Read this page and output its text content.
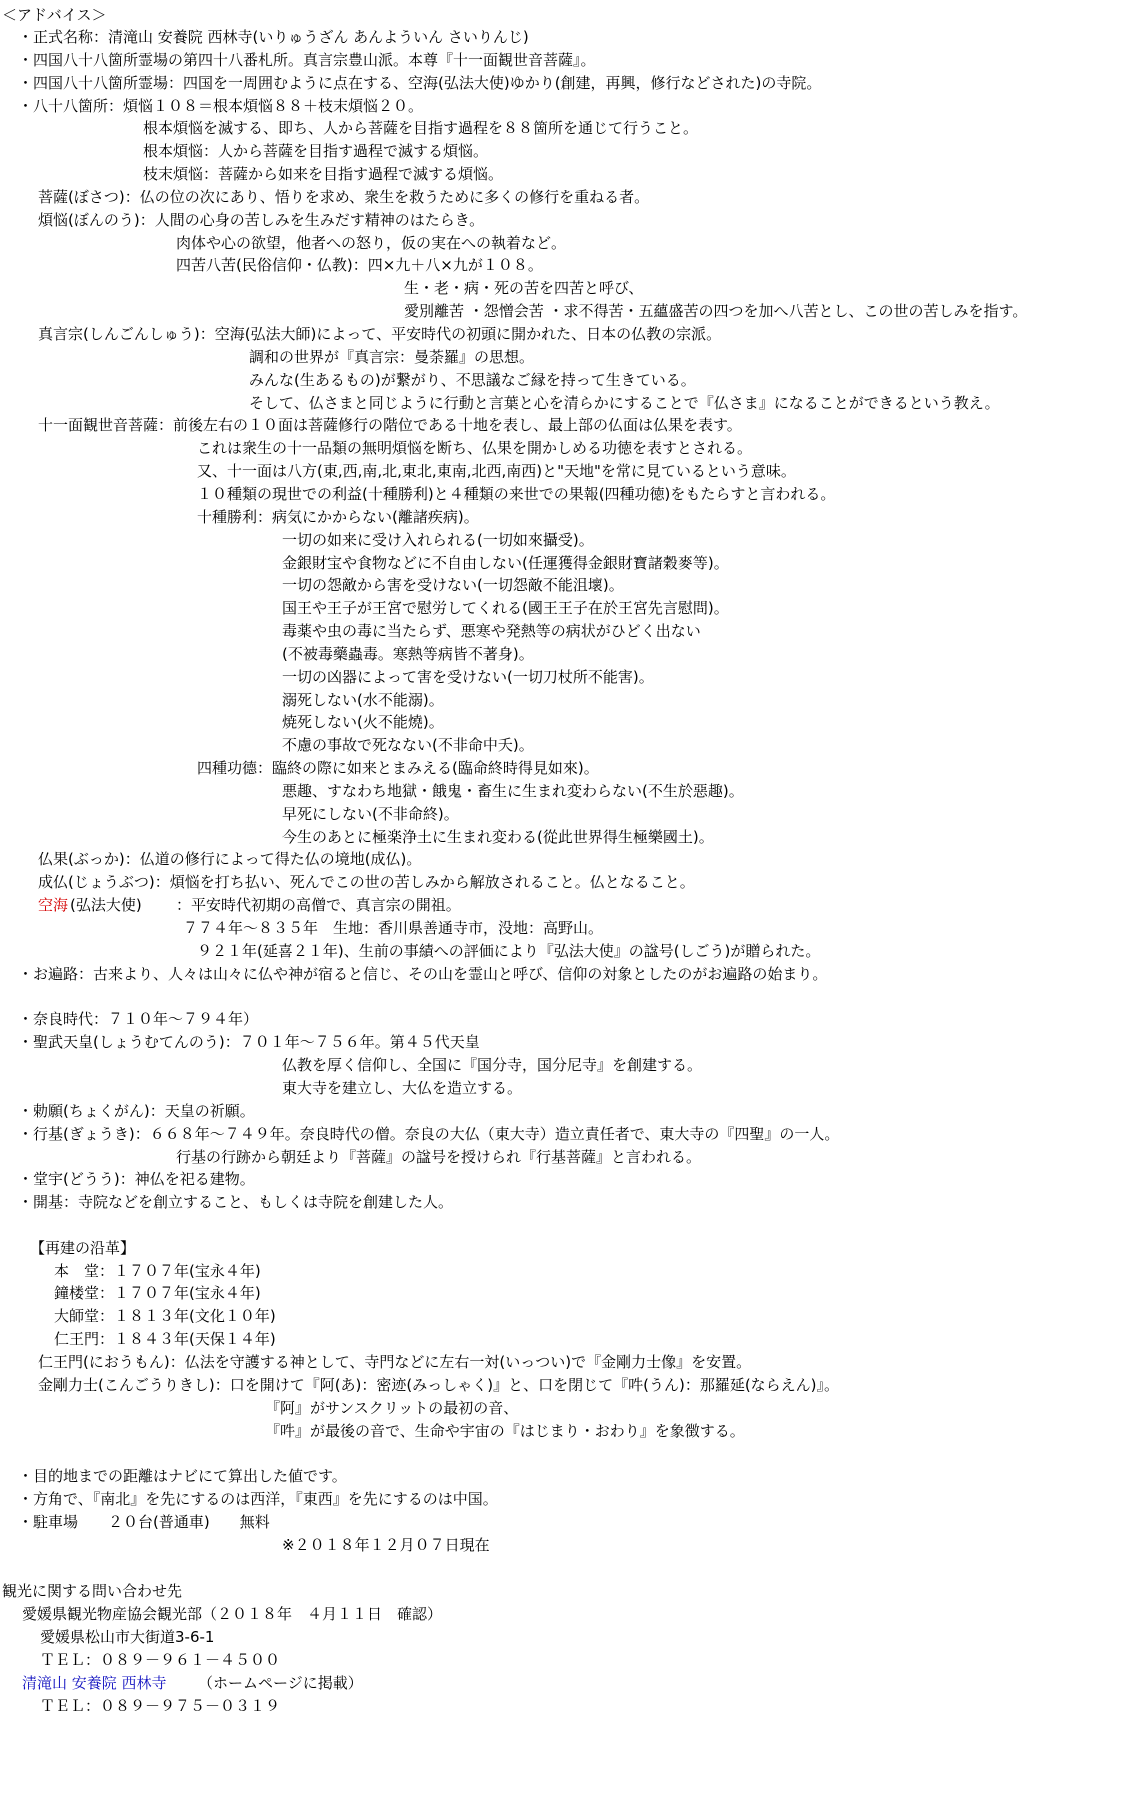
空海 (弘法大使)
清滝山 安養院 西林寺
＜アドバイス＞
・正式名称：清滝山 安養院 西林寺(いりゅうざん あんよういん さいりんじ)
・四国八十八箇所霊場の第四十八番札所。真言宗豊山派。本尊『十一面観世音菩薩』。
・四国八十八箇所霊場：四国を一周囲むように点在する、空海(弘法大使)ゆかり(創建，再興，修行などされた)の寺院。
・八十八箇所：煩悩１０８＝根本煩悩８８＋枝末煩悩２０。
根本煩悩を滅する、即ち、人から菩薩を目指す過程を８８箇所を通じて行うこと。
根本煩悩：人から菩薩を目指す過程で滅する煩悩。
枝末煩悩：菩薩から如来を目指す過程で滅する煩悩。
菩薩(ぼさつ)：仏の位の次にあり、悟りを求め、衆生を救うために多くの修行を重ねる者。
煩悩(ぼんのう)：人間の心身の苦しみを生みだす精神のはたらき。
肉体や心の欲望，他者への怒り，仮の実在への執着など。
四苦八苦(民俗信仰・仏教)：四×九＋八×九が１０８。
生・老・病・死の苦を四苦と呼び、
愛別離苦 ・怨憎会苦 ・求不得苦・五蘊盛苦の四つを加へ八苦とし、この世の苦しみを指す。
真言宗(しんごんしゅう)：空海(弘法大師)によって、平安時代の初頭に開かれた、日本の仏教の宗派。
調和の世界が『真言宗：曼荼羅』の思想。
みんな(生あるもの)が繋がり、不思議なご縁を持って生きている。
そして、仏さまと同じように行動と言葉と心を清らかにすることで『仏さま』になることができるという教え。
十一面観世音菩薩：前後左右の１０面は菩薩修行の階位である十地を表し、最上部の仏面は仏果を表す。
これは衆生の十一品類の無明煩悩を断ち、仏果を開かしめる功徳を表すとされる。
又、十一面は八方(東,西,南,北,東北,東南,北西,南西)と"天地"を常に見ているという意味。
１０種類の現世での利益(十種勝利)と４種類の来世での果報(四種功徳)をもたらすと言われる。
十種勝利：病気にかからない(離諸疾病)。
一切の如来に受け入れられる(一切如來攝受)。
金銀財宝や食物などに不自由しない(任運獲得金銀財寶諸穀麥等)。
一切の怨敵から害を受けない(一切怨敵不能沮壞)。
国王や王子が王宮で慰労してくれる(國王王子在於王宮先言慰問)。
毒薬や虫の毒に当たらず、悪寒や発熱等の病状がひどく出ない
(不被毒藥蟲毒。寒熱等病皆不著身)。
一切の凶器によって害を受けない(一切刀杖所不能害)。
溺死しない(水不能溺)。
焼死しない(火不能燒)。
不慮の事故で死なない(不非命中夭)。
四種功德：臨終の際に如来とまみえる(臨命終時得見如來)。
悪趣、すなわち地獄・餓鬼・畜生に生まれ変わらない(不生於惡趣)。
早死にしない(不非命終)。
今生のあとに極楽浄土に生まれ変わる(從此世界得生極樂國土)。
仏果(ぶっか)：仏道の修行によって得た仏の境地(成仏)。
成仏(じょうぶつ)：煩悩を打ち払い、死んでこの世の苦しみから解放されること。仏となること。
：平安時代初期の高僧で、真言宗の開祖。
７７４年～８３５年　生地：香川県善通寺市，没地：高野山。
９２１年(延喜２１年)、生前の事績への評価により『弘法大使』の諡号(しごう)が贈られた。
・お遍路：古来より、人々は山々に仏や神が宿ると信じ、その山を霊山と呼び、信仰の対象としたのがお遍路の始まり。
・奈良時代：７１０年～７９４年）
・聖武天皇(しょうむてんのう)：７０１年～７５６年。第４５代天皇
仏教を厚く信仰し、全国に『国分寺，国分尼寺』を創建する。
東大寺を建立し、大仏を造立する。
・勅願(ちょくがん)：天皇の祈願。
・行基(ぎょうき)：６６８年～７４９年。奈良時代の僧。奈良の大仏（東大寺）造立責任者で、東大寺の『四聖』の一人。
行基の行跡から朝廷より『菩薩』の諡号を授けられ『行基菩薩』と言われる。
・堂宇(どうう)：神仏を祀る建物。
・開基：寺院などを創立すること、もしくは寺院を創建した人。
【再建の沿革】
本　堂：１７０７年(宝永４年)
鐘楼堂：１７０７年(宝永４年)
大師堂：１８１３年(文化１０年)
仁王門：１８４３年(天保１４年)
仁王門(におうもん)：仏法を守護する神として、寺門などに左右一対(いっつい)で『金剛力士像』を安置。
金剛力士(こんごうりきし)：口を開けて『阿(あ)：密迹(みっしゃく)』と、口を閉じて『吽(うん)：那羅延(ならえん)』。
『阿』がサンスクリットの最初の音、
『吽』が最後の音で、生命や宇宙の『はじまり・おわり』を象徴する。
・目的地までの距離はナビにて算出した値です。
・方角で、『南北』を先にするのは西洋，『東西』を先にするのは中国。
・駐車場　　２０台(普通車)　　無料
※２０１８年１２月０７日現在
観光に関する問い合わせ先
愛媛県観光物産協会観光部（２０１８年　４月１１日　確認）
愛媛県松山市大街道3-6-1
ＴＥＬ：０８９－９６１－４５００
（ホームページに掲載）
ＴＥＬ：０８９－９７５－０３１９
